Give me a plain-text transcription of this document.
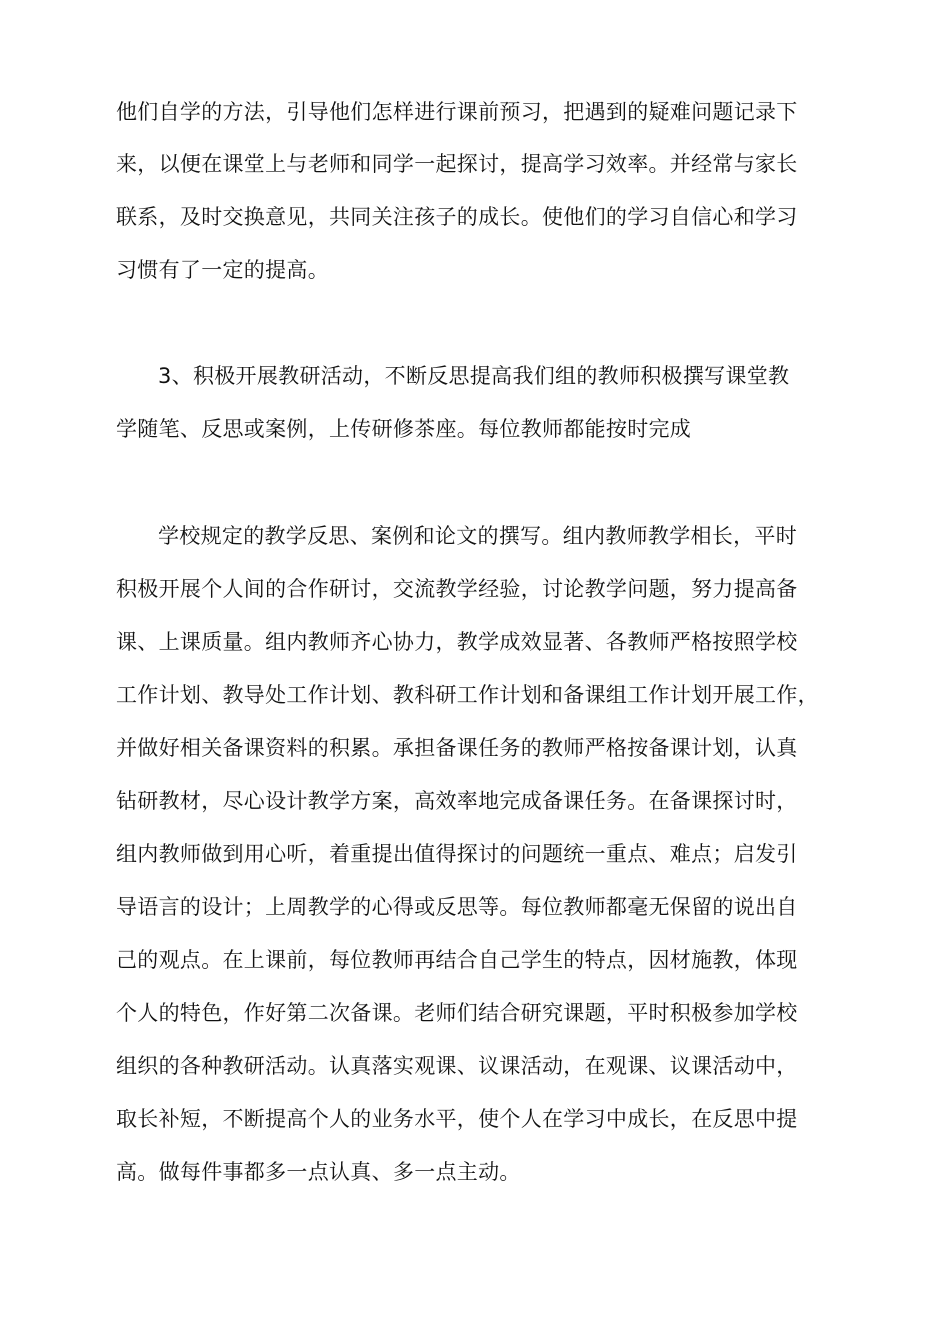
他们自学的方法，引导他们怎样进行课前预习，把遇到的疑难问题记录下

来，以便在课堂上与老师和同学一起探讨，提高学习效率。并经常与家长

联系，及时交换意见，共同关注孩子的成长。使他们的学习自信心和学习

习惯有了一定的提高。

3、积极开展教研活动，不断反思提高我们组的教师积极撰写课堂教

学随笔、反思或案例，上传研修茶座。每位教师都能按时完成

学校规定的教学反思、案例和论文的撰写。组内教师教学相长，平时

积极开展个人间的合作研讨，交流教学经验，讨论教学问题，努力提高备

课、上课质量。组内教师齐心协力，教学成效显著、各教师严格按照学校

工作计划、教导处工作计划、教科研工作计划和备课组工作计划开展工作，

并做好相关备课资料的积累。承担备课任务的教师严格按备课计划，认真

钻研教材，尽心设计教学方案，高效率地完成备课任务。在备课探讨时，

组内教师做到用心听，着重提出值得探讨的问题统一重点、难点；启发引

导语言的设计；上周教学的心得或反思等。每位教师都毫无保留的说出自

己的观点。在上课前，每位教师再结合自己学生的特点，因材施教，体现

个人的特色，作好第二次备课。老师们结合研究课题，平时积极参加学校

组织的各种教研活动。认真落实观课、议课活动，在观课、议课活动中，

取长补短，不断提高个人的业务水平，使个人在学习中成长，在反思中提

高。做每件事都多一点认真、多一点主动。
